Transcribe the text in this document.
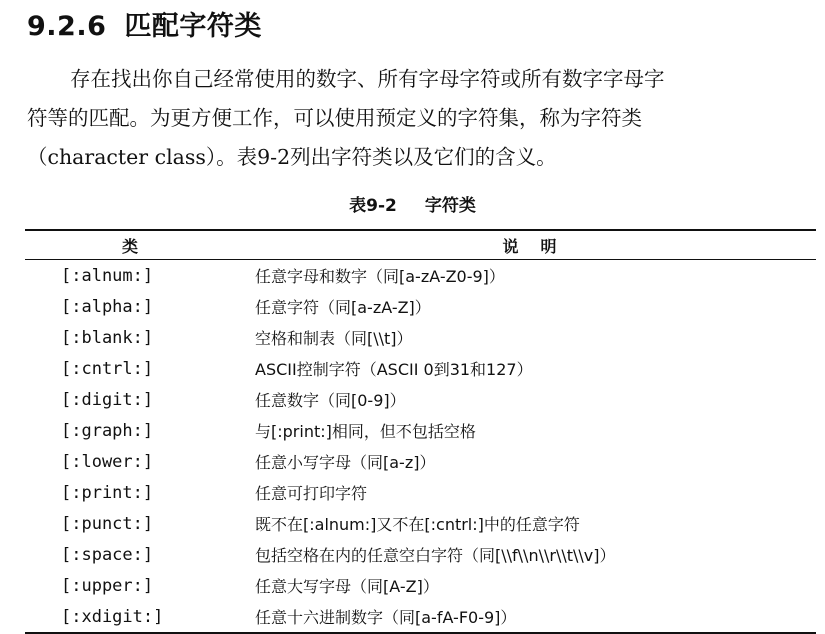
9.2.6 匹配字符类
存在找出你自己经常使用的数字、所有字母字符或所有数字字母字
符等的匹配。为更方便工作，可以使用预定义的字符集，称为字符类
（character class）。表9-2列出字符类以及它们的含义。
表9-2 字符类
类	说明
[:alnum:]	任意字母和数字（同[a-zA-Z0-9]）
[:alpha:]	任意字符（同[a-zA-Z]）
[:blank:]	空格和制表（同[\\t]）
[:cntrl:]	ASCII控制字符（ASCII 0到31和127）
[:digit:]	任意数字（同[0-9]）
[:graph:]	与[:print:]相同，但不包括空格
[:lower:]	任意小写字母（同[a-z]）
[:print:]	任意可打印字符
[:punct:]	既不在[:alnum:]又不在[:cntrl:]中的任意字符
[:space:]	包括空格在内的任意空白字符（同[\\f\\n\\r\\t\\v]）
[:upper:]	任意大写字母（同[A-Z]）
[:xdigit:]	任意十六进制数字（同[a-fA-F0-9]）
